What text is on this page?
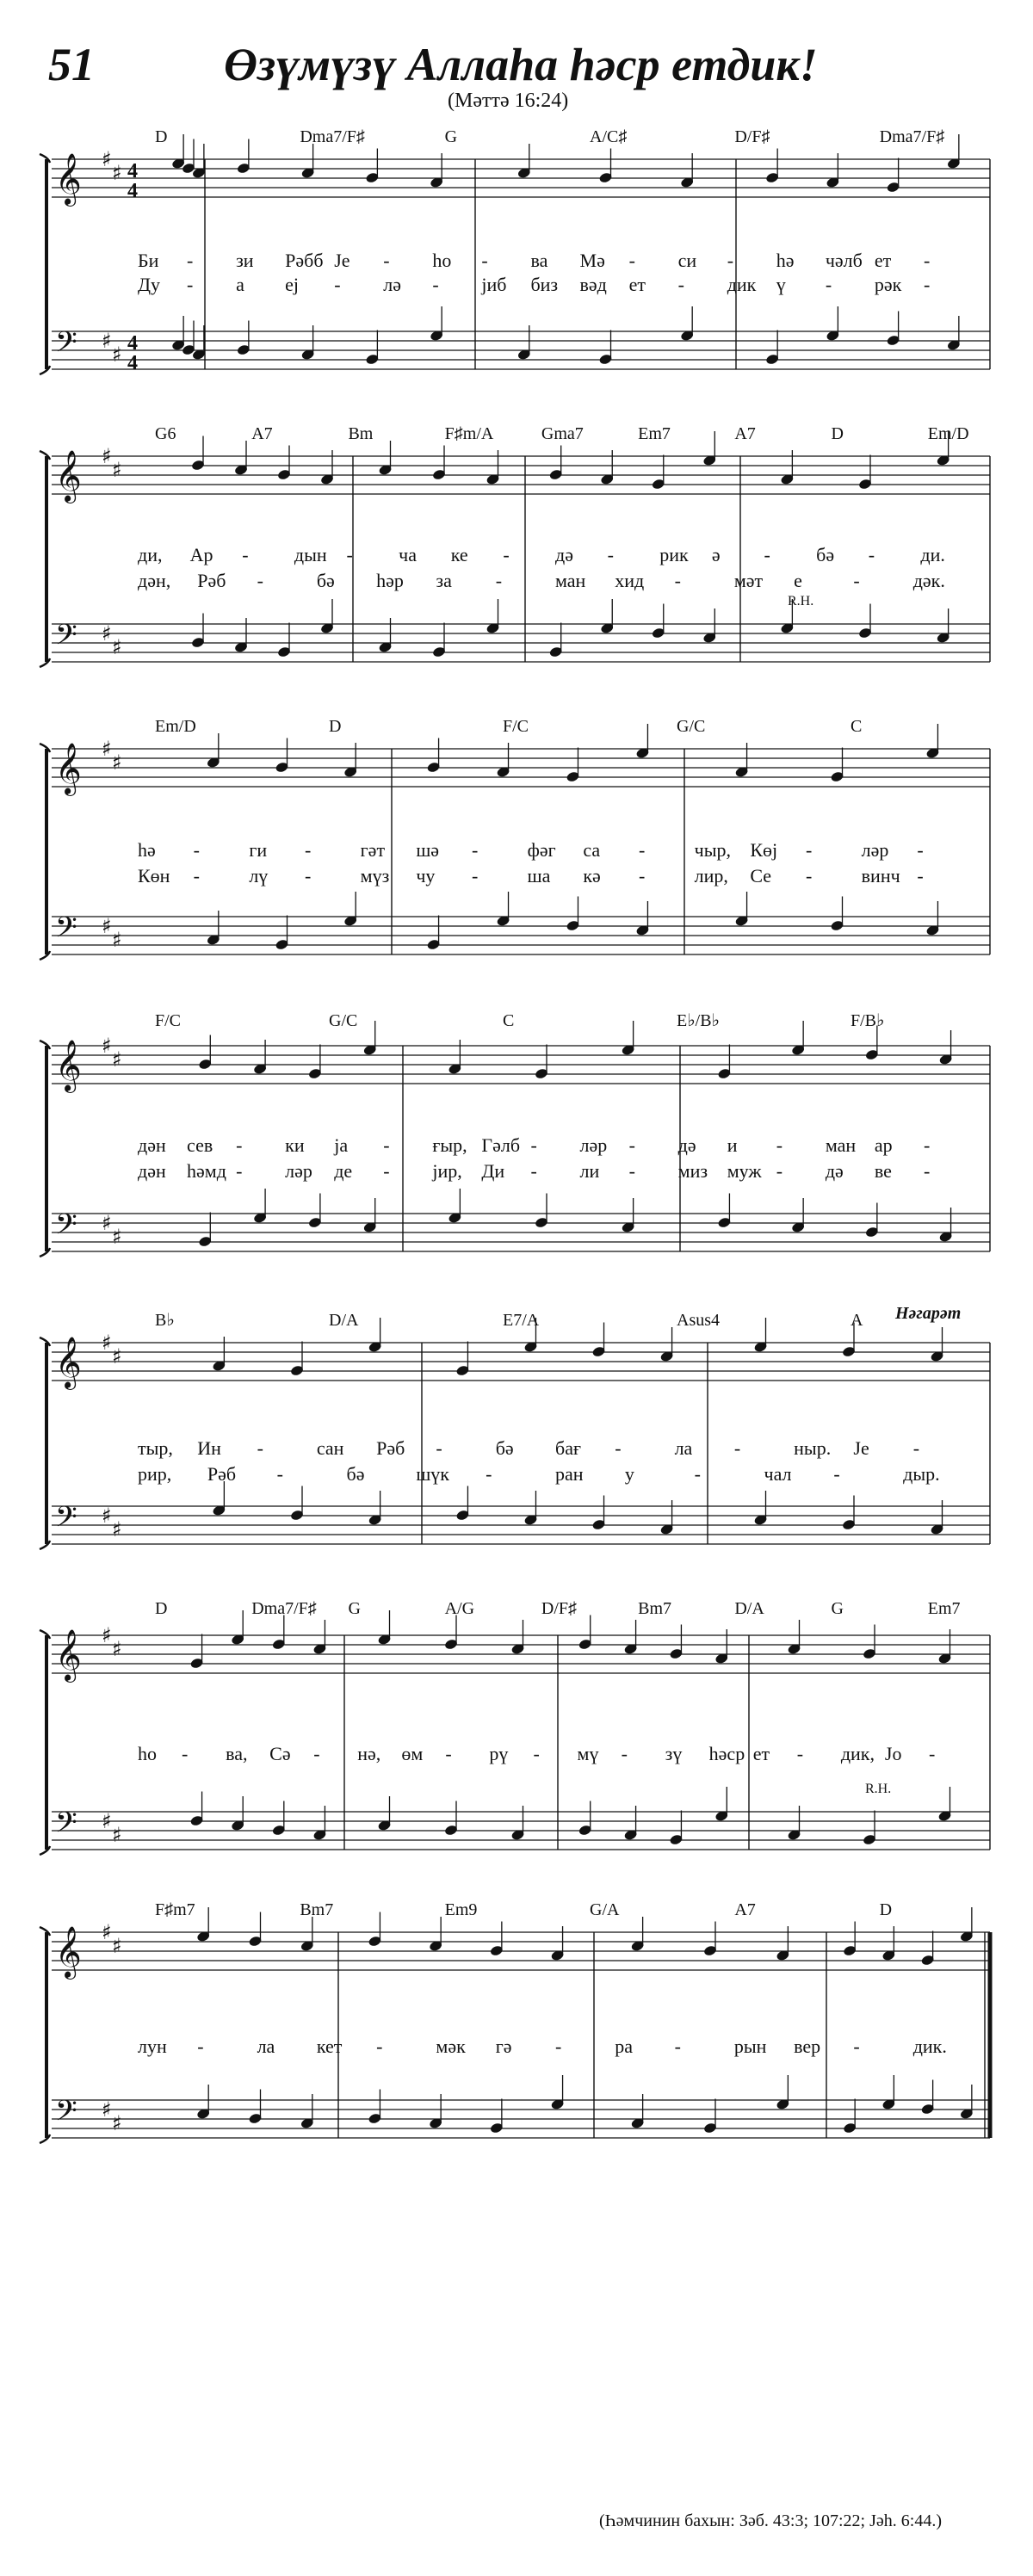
51	Өзүмүзү Аллаһа һәср етдик!
(Мәттә 16:24)
𝄞
𝄢
♯
♯
♯
♯
4
4
4
4
D	Dma7/F♯	G	A/C♯	D/F♯	Dma7/F♯
Би - зи Рәбб Je - hо - ва Мә - си - hә чәлб ет -
Ду - а еј - лә - јиб биз вәд ет - дик ү - рәк -
𝄞
𝄢
♯
♯
♯
♯
G6	A7	Bm	F♯m/A	Gma7	Em7	A7	D	Em/D
ди, Ар - дын - ча ке - дә - рик ә - бә - ди.
дән, Рәб -	бә һәр за -	ман хид -	мәт е	-	дәк.
R.H.
𝄞
𝄢
♯
♯
♯
♯
Em/D	D	F/C	G/C	C
һә -	ги -	гәт шә -	фәг са -	чыр, Көј -	ләр -
Көн -	лү -	мүз чу -	ша кә -	лир, Се -	винч -
𝄞
𝄢
♯
♯
♯
♯
F/C	G/C	C	E♭/B♭	F/B♭
дән сев - ки ја - ғыр, Гәлб - ләр - дә и - ман ар -
дән һәмд - ләр де - јир, Ди - ли - миз муж - дә ве -
𝄞
𝄢
♯
♯
♯
♯
B♭	D/A	E7/A	Asus4	A
тыр, Ин -	сан Рәб -	бә бағ -	ла -	ныр. Je -
рир, Рәб -	бә	шүк -	ран у	-	чал -	дыр.
Нәгарәт
𝄞
𝄢
♯
♯
♯
♯
D	Dma7/F♯ G	A/G	D/F♯	Bm7	D/A	G	Em7
hо - ва, Сә - нә, өм - рү - мү - зү һәср ет - дик, Jо -
R.H.
𝄞
𝄢
♯
♯
♯
♯
F♯m7	Bm7	Em9	G/A	A7	D
лун -	ла кет -	мәк гә -	ра -	рын вер -	дик.
(Һәмчинин бахын: Зәб. 43:3; 107:22; Јәһ. 6:44.)
